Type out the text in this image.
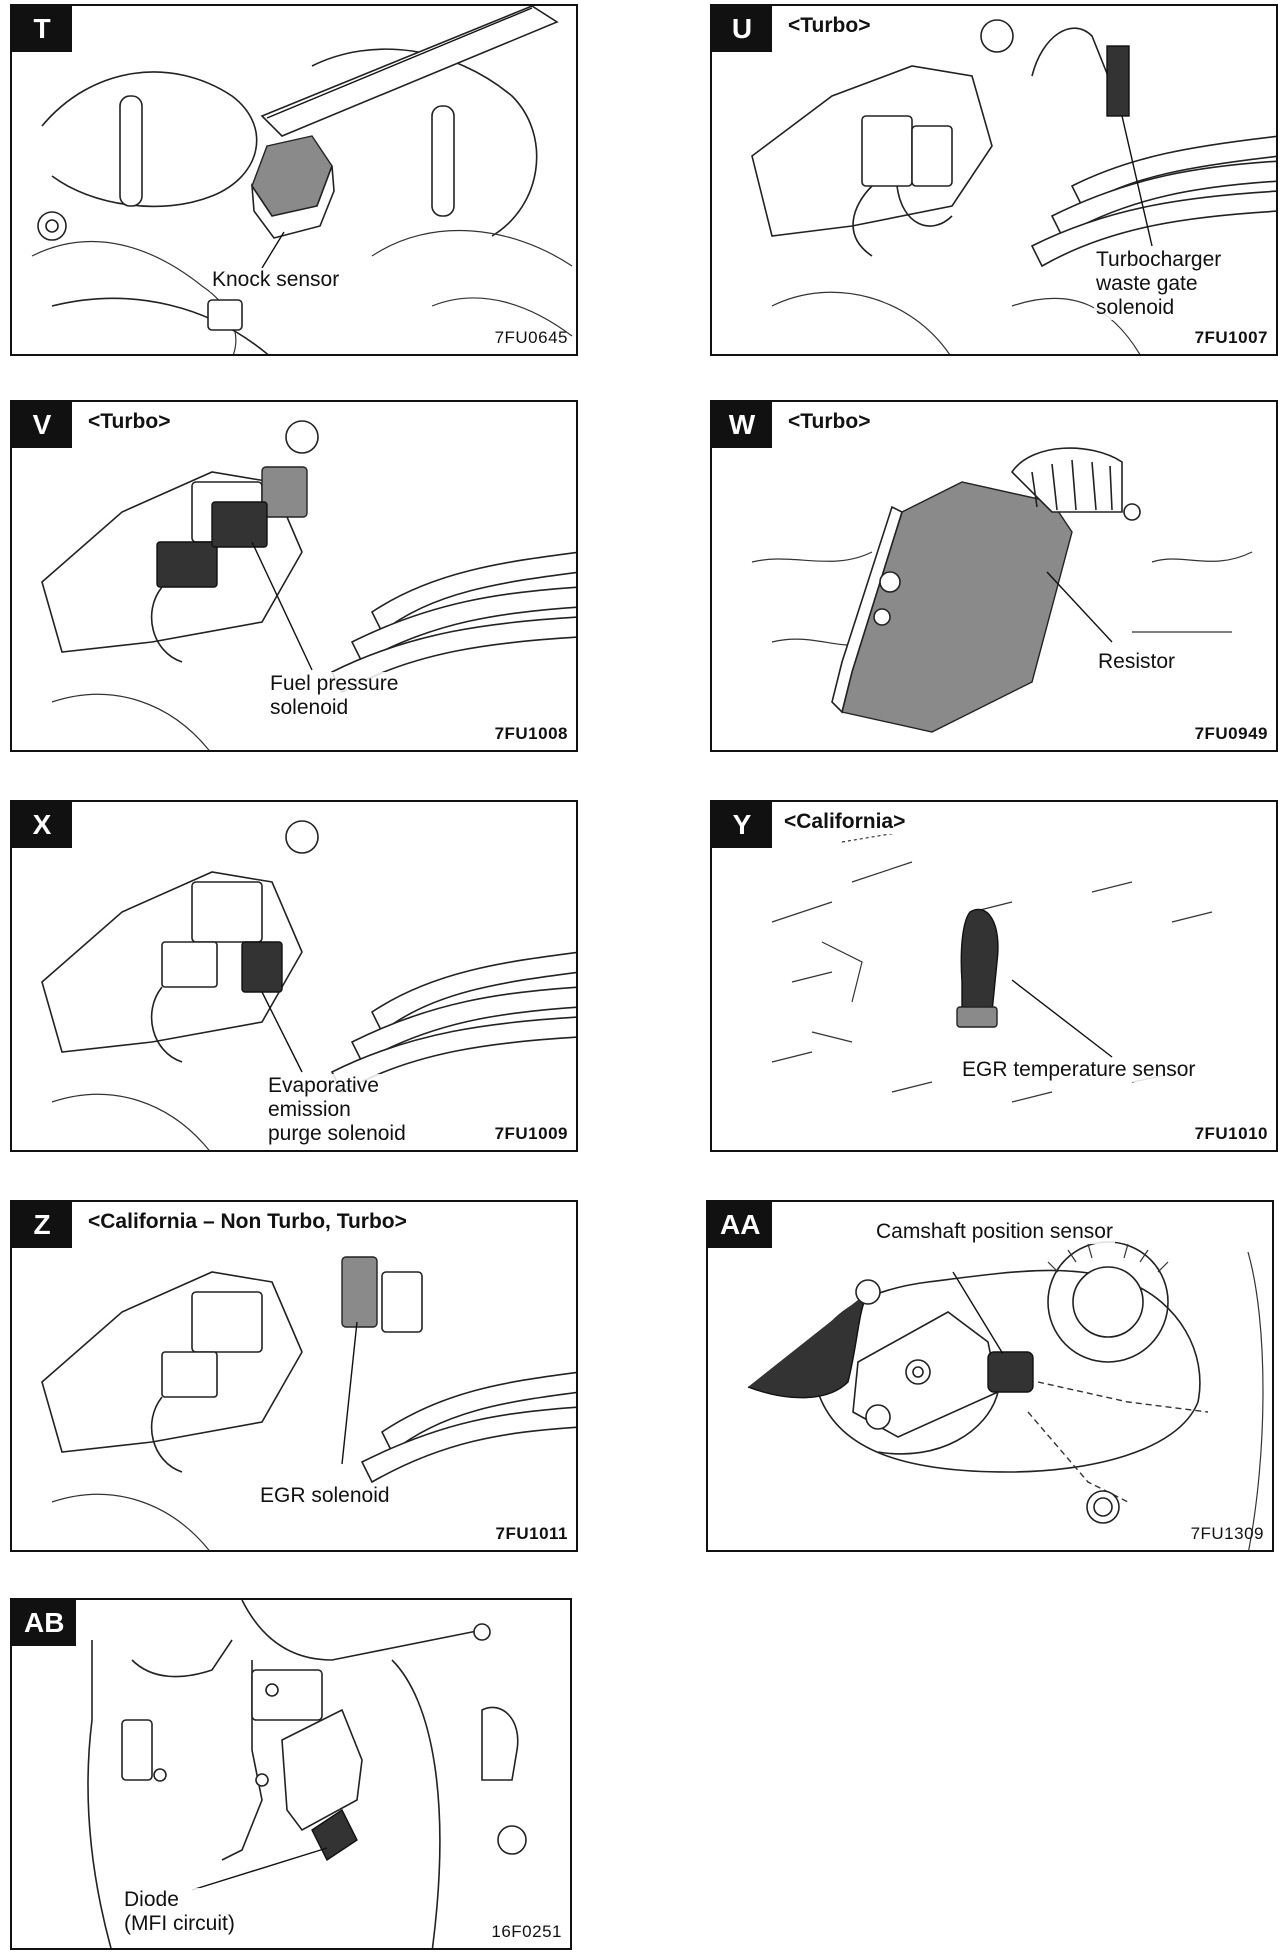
T
Knock sensor
7FU0645
U	<Turbo>
Turbocharger
waste gate
solenoid
7FU1007
V	<Turbo>
Fuel pressure
solenoid
7FU1008
W	<Turbo>
Resistor
7FU0949
X
Evaporative
emission
purge solenoid	7FU1009
Y	<California>
EGR temperature sensor
7FU1010
Z	<California – Non Turbo, Turbo>
EGR solenoid
7FU1011
AA	Camshaft position sensor
7FU1309
AB
Diode
(MFI circuit)	16F0251
